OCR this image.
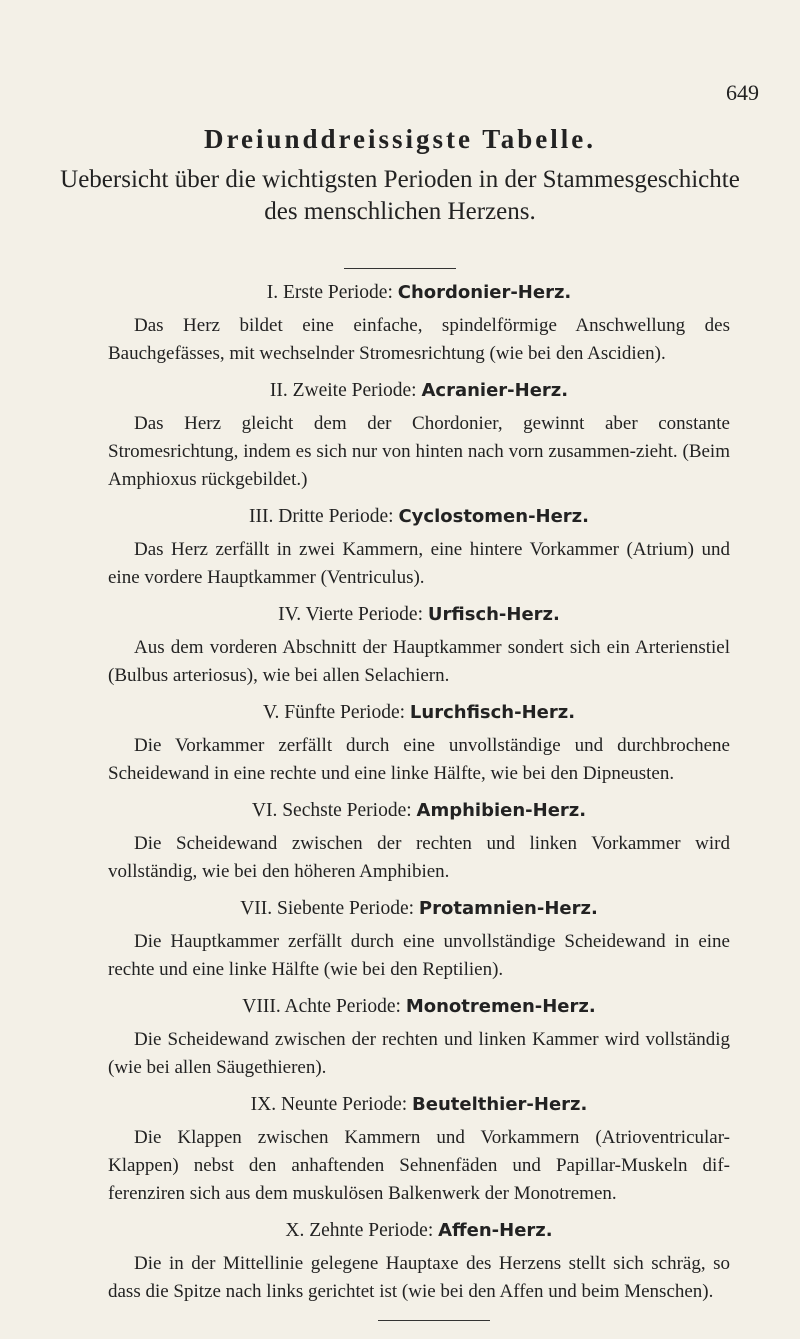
649
Dreiunddreissigste Tabelle.
Uebersicht über die wichtigsten Perioden in der Stammesgeschichte
des menschlichen Herzens.
I. Erste Periode: Chordonier-Herz.

Das Herz bildet eine einfache, spindelförmige Anschwellung des Bauchgefässes, mit wechselnder Stromesrichtung (wie bei den Ascidien).

II. Zweite Periode: Acranier-Herz.

Das Herz gleicht dem der Chordonier, gewinnt aber constante Stromesrichtung, indem es sich nur von hinten nach vorn zusammen-zieht. (Beim Amphioxus rückgebildet.)

III. Dritte Periode: Cyclostomen-Herz.

Das Herz zerfällt in zwei Kammern, eine hintere Vorkammer (Atrium) und eine vordere Hauptkammer (Ventriculus).

IV. Vierte Periode: Urfisch-Herz.

Aus dem vorderen Abschnitt der Hauptkammer sondert sich ein Arterienstiel (Bulbus arteriosus), wie bei allen Selachiern.

V. Fünfte Periode: Lurchfisch-Herz.

Die Vorkammer zerfällt durch eine unvollständige und durchbrochene Scheidewand in eine rechte und eine linke Hälfte, wie bei den Dipneusten.

VI. Sechste Periode: Amphibien-Herz.

Die Scheidewand zwischen der rechten und linken Vorkammer wird vollständig, wie bei den höheren Amphibien.

VII. Siebente Periode: Protamnien-Herz.

Die Hauptkammer zerfällt durch eine unvollständige Scheidewand in eine rechte und eine linke Hälfte (wie bei den Reptilien).

VIII. Achte Periode: Monotremen-Herz.

Die Scheidewand zwischen der rechten und linken Kammer wird vollständig (wie bei allen Säugethieren).

IX. Neunte Periode: Beutelthier-Herz.

Die Klappen zwischen Kammern und Vorkammern (Atrioventricular-Klappen) nebst den anhaftenden Sehnenfäden und Papillar-Muskeln dif-ferenziren sich aus dem muskulösen Balkenwerk der Monotremen.

X. Zehnte Periode: Affen-Herz.

Die in der Mittellinie gelegene Hauptaxe des Herzens stellt sich schräg, so dass die Spitze nach links gerichtet ist (wie bei den Affen und beim Menschen).
